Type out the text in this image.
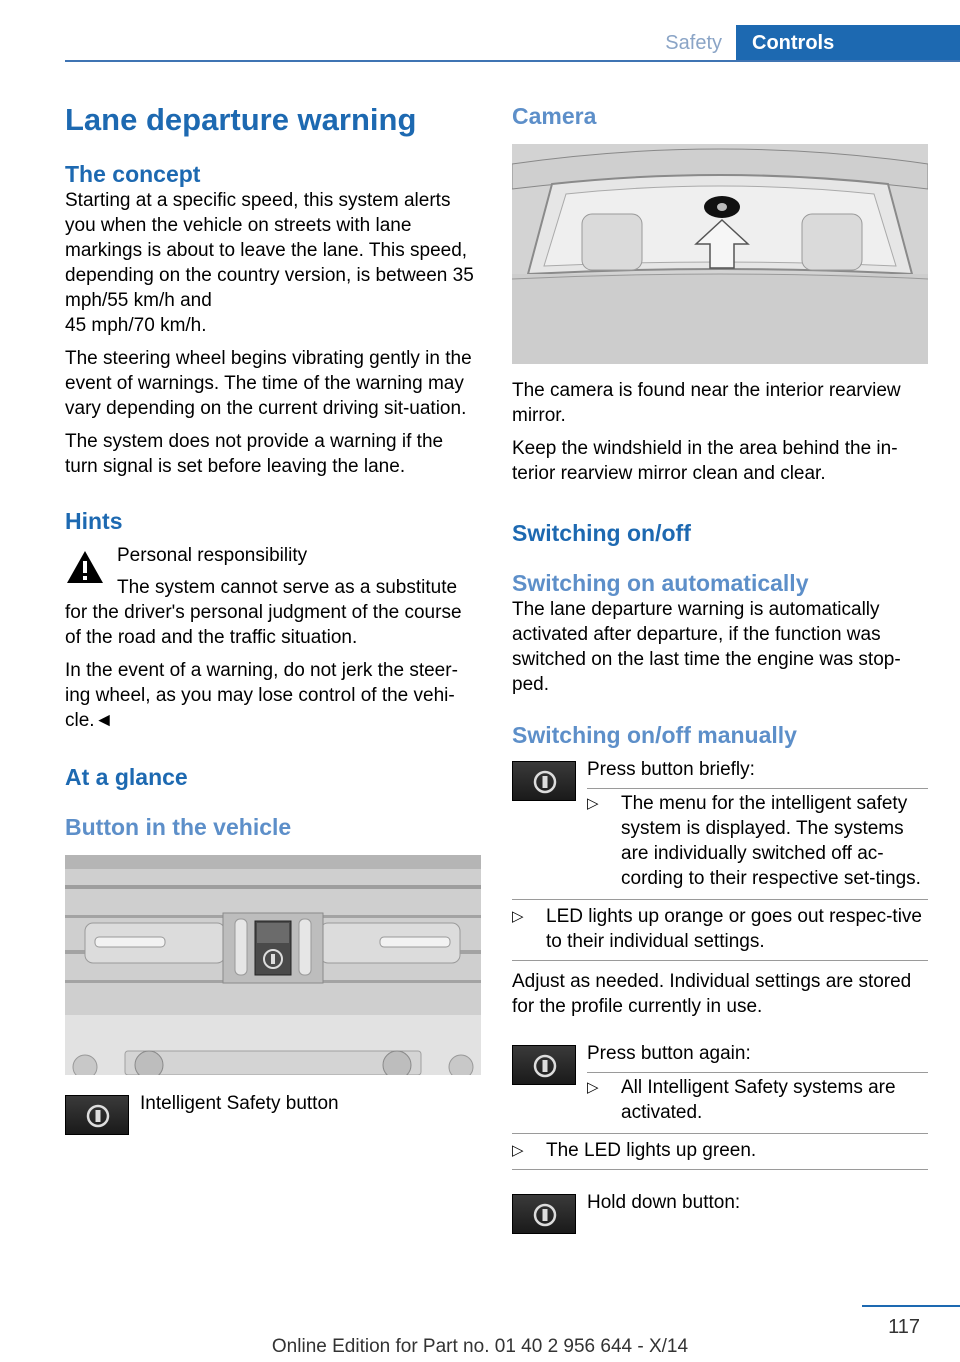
Safety	Controls
Lane departure warning
The concept

Starting at a specific speed, this system alerts you when the vehicle on streets with lane markings is about to leave the lane. This speed, depending on the country version, is between 35 mph/55 km/h and

45 mph/70 km/h.

The steering wheel begins vibrating gently in the event of warnings. The time of the warning may vary depending on the current driving sit-uation.

The system does not provide a warning if the turn signal is set before leaving the lane.

Hints

Personal responsibility

The system cannot serve as a substitute

for the driver's personal judgment of the course of the road and the traffic situation.

In the event of a warning, do not jerk the steer-ing wheel, as you may lose control of the vehi-cle.◄

At a glance
Button in the vehicle

Intelligent Safety button

Camera

The camera is found near the interior rearview mirror.

Keep the windshield in the area behind the in-terior rearview mirror clean and clear.

Switching on/off
Switching on automatically

The lane departure warning is automatically activated after departure, if the function was switched on the last time the engine was stop-ped.

Switching on/off manually

Press button briefly:

▷ The menu for the intelligent safety system is displayed. The systems are individually switched off ac-cording to their respective set-tings.
▷ LED lights up orange or goes out respec-tive to their individual settings.

Adjust as needed. Individual settings are stored for the profile currently in use.

Press button again:

▷ All Intelligent Safety systems are activated.
▷ The LED lights up green.

Hold down button:

117
Online Edition for Part no. 01 40 2 956 644 - X/14
